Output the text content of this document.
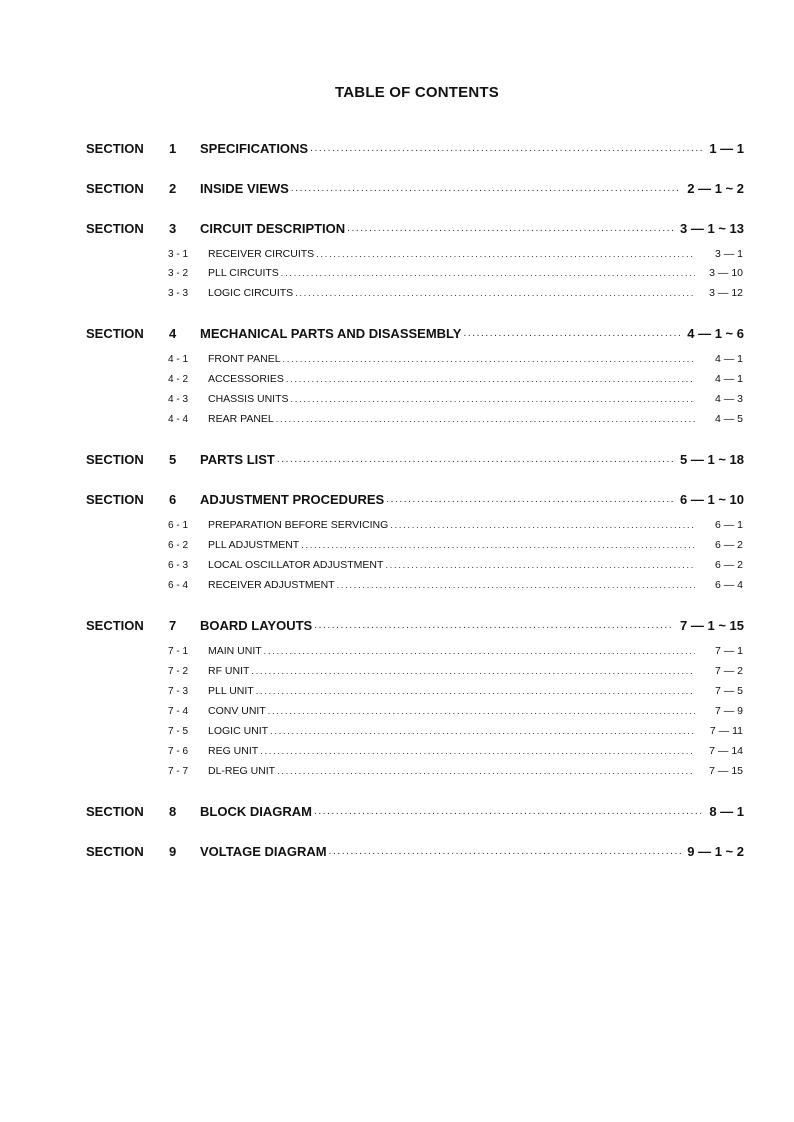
TABLE OF CONTENTS
SECTION	1	SPECIFICATIONS .....	1 — 1
SECTION	2	INSIDE VIEWS .....	2 — 1 ~ 2
SECTION	3	CIRCUIT DESCRIPTION .....	3 — 1 ~ 13
3 - 1	RECEIVER CIRCUITS .....	3 — 1
3 - 2	PLL CIRCUITS .....	3 — 10
3 - 3	LOGIC CIRCUITS .....	3 — 12
SECTION	4	MECHANICAL PARTS AND DISASSEMBLY .....	4 — 1 ~ 6
4 - 1	FRONT PANEL .....	4 — 1
4 - 2	ACCESSORIES .....	4 — 1
4 - 3	CHASSIS UNITS .....	4 — 3
4 - 4	REAR PANEL .....	4 — 5
SECTION	5	PARTS LIST .....	5 — 1 ~ 18
SECTION	6	ADJUSTMENT PROCEDURES .....	6 — 1 ~ 10
6 - 1	PREPARATION BEFORE SERVICING .....	6 — 1
6 - 2	PLL ADJUSTMENT .....	6 — 2
6 - 3	LOCAL OSCILLATOR ADJUSTMENT .....	6 — 2
6 - 4	RECEIVER ADJUSTMENT .....	6 — 4
SECTION	7	BOARD LAYOUTS .....	7 — 1 ~ 15
7 - 1	MAIN UNIT .....	7 — 1
7 - 2	RF UNIT .....	7 — 2
7 - 3	PLL UNIT .....	7 — 5
7 - 4	CONV UNIT .....	7 — 9
7 - 5	LOGIC UNIT .....	7 — 11
7 - 6	REG UNIT .....	7 — 14
7 - 7	DL-REG UNIT .....	7 — 15
SECTION	8	BLOCK DIAGRAM .....	8 — 1
SECTION	9	VOLTAGE DIAGRAM .....	9 — 1 ~ 2
